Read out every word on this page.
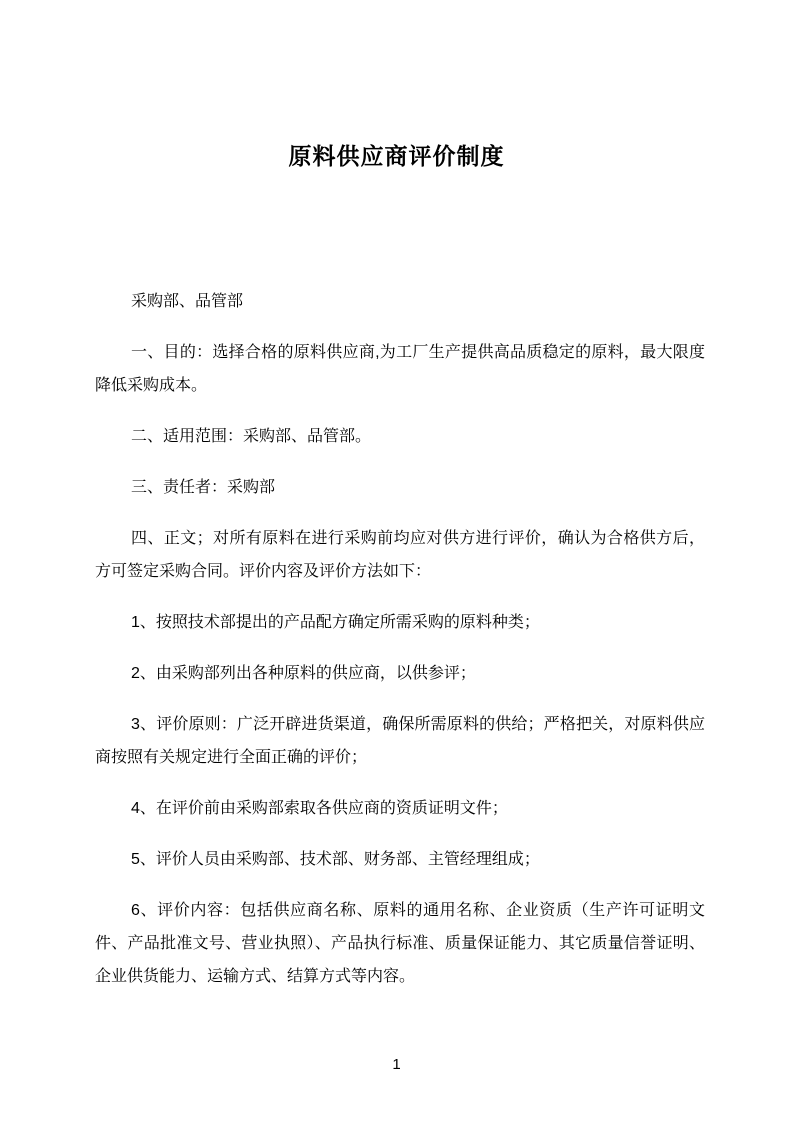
原料供应商评价制度

采购部、品管部

一、目的：选择合格的原料供应商,为工厂生产提供高品质稳定的原料，最大限度降低采购成本。

二、适用范围：采购部、品管部。

三、责任者：采购部

四、正文；对所有原料在进行采购前均应对供方进行评价，确认为合格供方后，方可签定采购合同。评价内容及评价方法如下：

1、按照技术部提出的产品配方确定所需采购的原料种类；

2、由采购部列出各种原料的供应商，以供参评；

3、评价原则：广泛开辟进货渠道，确保所需原料的供给；严格把关，对原料供应商按照有关规定进行全面正确的评价；

4、在评价前由采购部索取各供应商的资质证明文件；

5、评价人员由采购部、技术部、财务部、主管经理组成；

6、评价内容：包括供应商名称、原料的通用名称、企业资质（生产许可证明文件、产品批准文号、营业执照）、产品执行标准、质量保证能力、其它质量信誉证明、企业供货能力、运输方式、结算方式等内容。

1
